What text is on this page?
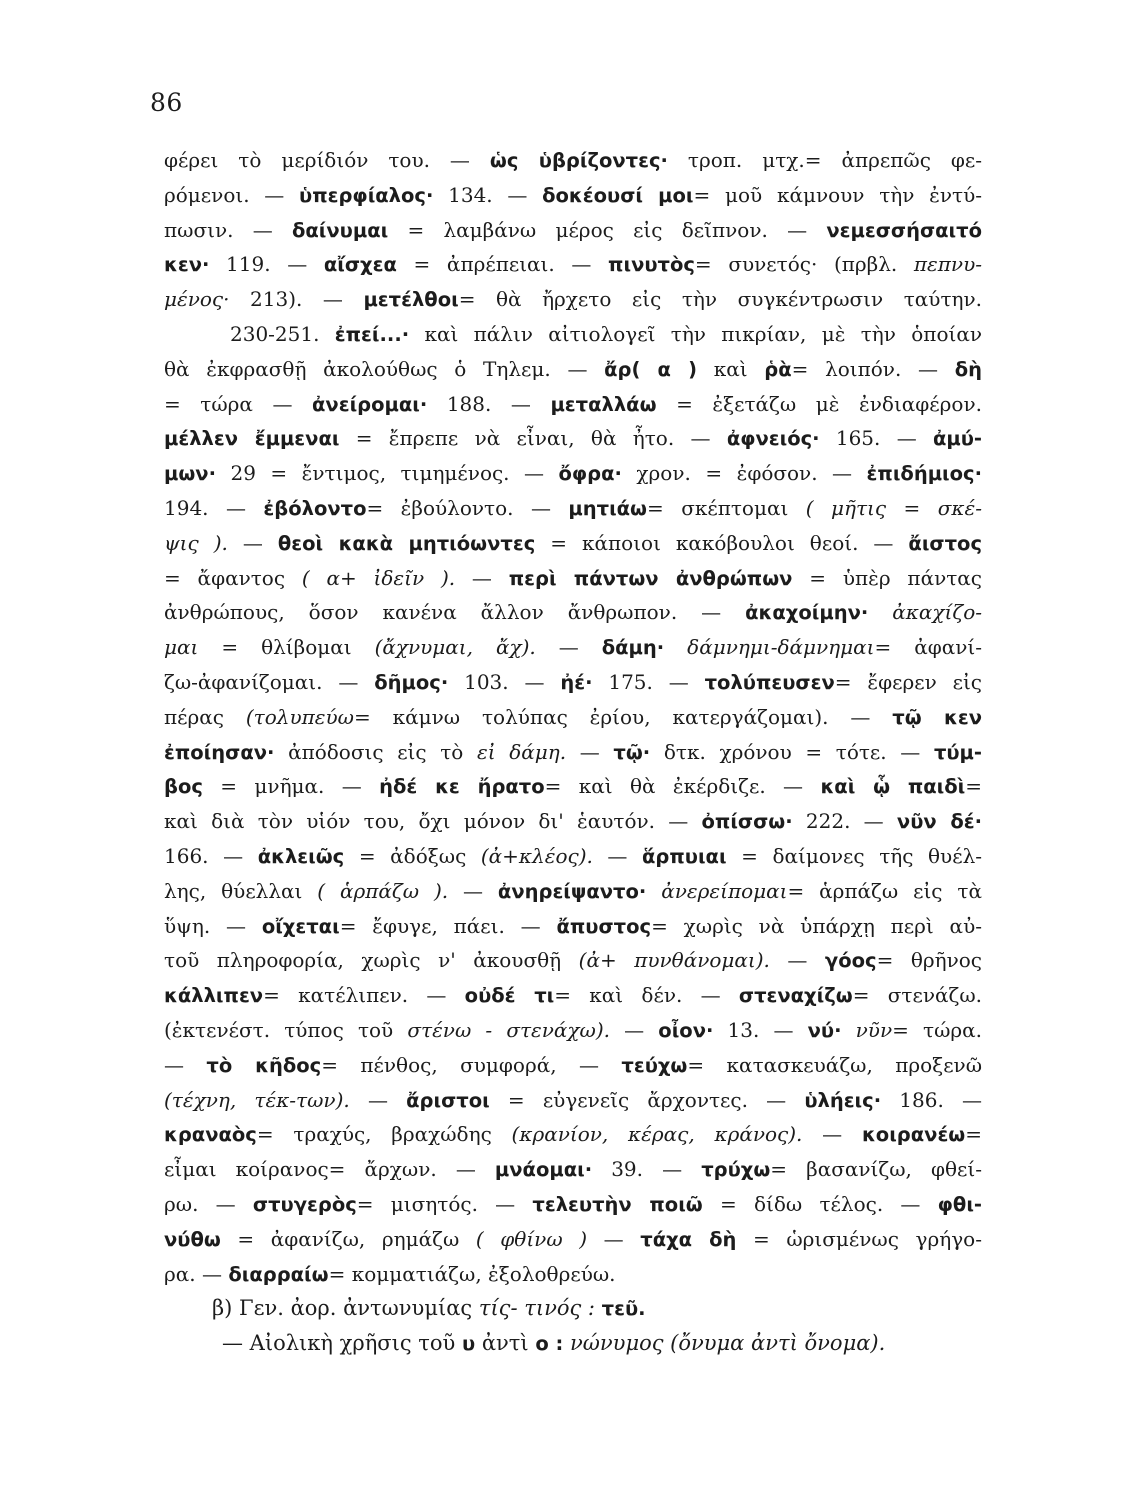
86
φέρει τὸ μερίδιόν του. — ὡς ὑβρίζοντες· τροπ. μτχ.= ἀπρεπῶς φε-
ρόμενοι. — ὑπερφίαλος· 134. — δοκέουσί μοι= μοῦ κάμνουν τὴν ἐντύ-
πωσιν. — δαίνυμαι = λαμβάνω μέρος εἰς δεῖπνον. — νεμεσσήσαιτό
κεν· 119. — αἴσχεα = ἀπρέπειαι. — πινυτὸς= συνετός· (πρβλ. πεπνυ-
μένος· 213). — μετέλθοι= θὰ ἤρχετο εἰς τὴν συγκέντρωσιν ταύτην.
230-251. ἐπεί...· καὶ πάλιν αἰτιολογεῖ τὴν πικρίαν, μὲ τὴν ὁποίαν
θὰ ἐκφρασθῇ ἀκολούθως ὁ Τηλεμ. — ἄρ( α ) καὶ ῥὰ= λοιπόν. — δὴ
= τώρα — ἀνείρομαι· 188. — μεταλλάω = ἐξετάζω μὲ ἐνδιαφέρον.
μέλλεν ἔμμεναι = ἔπρεπε νὰ εἶναι, θὰ ἦτο. — ἀφνειός· 165. — ἀμύ-
μων· 29 = ἔντιμος, τιμημένος. — ὄφρα· χρον. = ἐφόσον. — ἐπιδήμιος·
194. — ἐβόλοντο= ἐβούλοντο. — μητιάω= σκέπτομαι ( μῆτις = σκέ-
ψις ). — θεοὶ κακὰ μητιόωντες = κάποιοι κακόβουλοι θεοί. — ἄιστος
= ἄφαντος ( α+ ἰδεῖν ). — περὶ πάντων ἀνθρώπων = ὑπὲρ πάντας
ἀνθρώπους, ὅσον κανένα ἄλλον ἄνθρωπον. — ἀκαχοίμην· ἀκαχίζο-
μαι = θλίβομαι (ἄχνυμαι, ἄχ). — δάμη· δάμνημι-δάμνημαι= ἀφανί-
ζω-ἀφανίζομαι. — δῆμος· 103. — ἠέ· 175. — τολύπευσεν= ἔφερεν εἰς
πέρας (τολυπεύω= κάμνω τολύπας ἐρίου, κατεργάζομαι). — τῷ κεν
ἐποίησαν· ἀπόδοσις εἰς τὸ εἰ δάμη. — τῷ· δτκ. χρόνου = τότε. — τύμ-
βος = μνῆμα. — ἠδέ κε ἤρατο= καὶ θὰ ἐκέρδιζε. — καὶ ᾧ παιδὶ=
καὶ διὰ τὸν υἱόν του, ὄχι μόνον δι' ἑαυτόν. — ὀπίσσω· 222. — νῦν δέ·
166. — ἀκλειῶς = ἀδόξως (ἀ+κλέος). — ἅρπυιαι = δαίμονες τῆς θυέλ-
λης, θύελλαι ( ἁρπάζω ). — ἀνηρείψαντο· ἀνερείπομαι= ἁρπάζω εἰς τὰ
ὕψη. — οἴχεται= ἔφυγε, πάει. — ἄπυστος= χωρὶς νὰ ὑπάρχῃ περὶ αὐ-
τοῦ πληροφορία, χωρὶς ν' ἀκουσθῇ (ἀ+ πυνθάνομαι). — γόος= θρῆνος
κάλλιπεν= κατέλιπεν. — οὐδέ τι= καὶ δέν. — στεναχίζω= στενάζω.
(ἐκτενέστ. τύπος τοῦ στένω - στενάχω). — οἶον· 13. — νύ· νῦν= τώρα.
— τὸ κῆδος= πένθος, συμφορά, — τεύχω= κατασκευάζω, προξενῶ
(τέχνη, τέκ-των). — ἄριστοι = εὐγενεῖς ἄρχοντες. — ὑλήεις· 186. —
κραναὸς= τραχύς, βραχώδης (κρανίον, κέρας, κράνος). — κοιρανέω=
εἶμαι κοίρανος= ἄρχων. — μνάομαι· 39. — τρύχω= βασανίζω, φθεί-
ρω. — στυγερὸς= μισητός. — τελευτὴν ποιῶ = δίδω τέλος. — φθι-
νύθω = ἀφανίζω, ρημάζω ( φθίνω ) — τάχα δὴ = ὡρισμένως γρήγο-
ρα. — διαρραίω= κομματιάζω, ἐξολοθρεύω.
β) Γεν. ἀορ. ἀντωνυμίας τίς- τινός : τεῦ.
— Αἰολικὴ χρῆσις τοῦ υ ἀντὶ ο : νώνυμος (ὄνυμα ἀντὶ ὄνομα).
